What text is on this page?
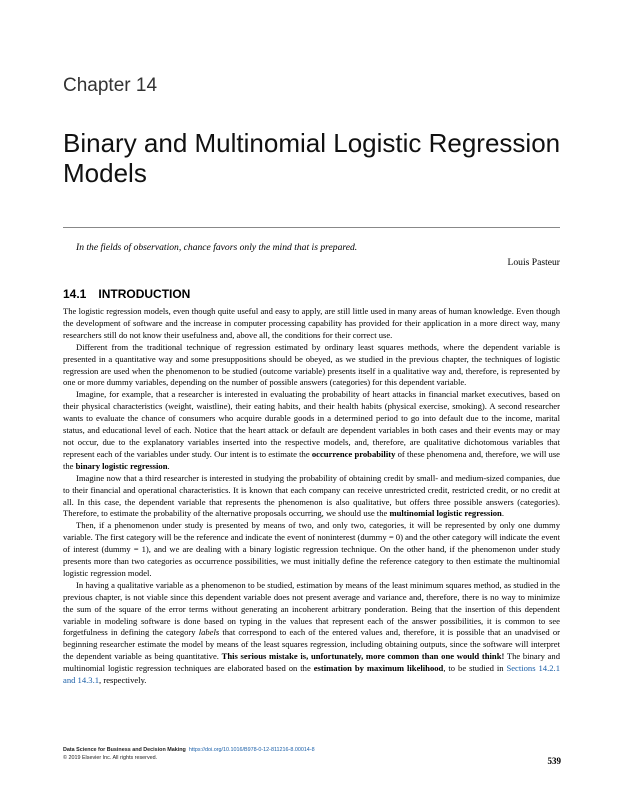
Chapter 14
Binary and Multinomial Logistic Regression Models
In the fields of observation, chance favors only the mind that is prepared.
Louis Pasteur
14.1 INTRODUCTION

The logistic regression models, even though quite useful and easy to apply, are still little used in many areas of human knowledge. Even though the development of software and the increase in computer processing capability has provided for their application in a more direct way, many researchers still do not know their usefulness and, above all, the conditions for their correct use.

Different from the traditional technique of regression estimated by ordinary least squares methods, where the dependent variable is presented in a quantitative way and some presuppositions should be obeyed, as we studied in the previous chapter, the techniques of logistic regression are used when the phenomenon to be studied (outcome variable) presents itself in a qualitative way and, therefore, is represented by one or more dummy variables, depending on the number of possible answers (categories) for this dependent variable.

Imagine, for example, that a researcher is interested in evaluating the probability of heart attacks in financial market executives, based on their physical characteristics (weight, waistline), their eating habits, and their health habits (physical exercise, smoking). A second researcher wants to evaluate the chance of consumers who acquire durable goods in a determined period to go into default due to the income, marital status, and educational level of each. Notice that the heart attack or default are dependent variables in both cases and their events may or may not occur, due to the explanatory variables inserted into the respective models, and, therefore, are qualitative dichotomous variables that represent each of the variables under study. Our intent is to estimate the occurrence probability of these phenomena and, therefore, we will use the binary logistic regression.

Imagine now that a third researcher is interested in studying the probability of obtaining credit by small- and medium-sized companies, due to their financial and operational characteristics. It is known that each company can receive unrestricted credit, restricted credit, or no credit at all. In this case, the dependent variable that represents the phenomenon is also qualitative, but offers three possible answers (categories). Therefore, to estimate the probability of the alternative proposals occurring, we should use the multinomial logistic regression.

Then, if a phenomenon under study is presented by means of two, and only two, categories, it will be represented by only one dummy variable. The first category will be the reference and indicate the event of noninterest (dummy = 0) and the other category will indicate the event of interest (dummy = 1), and we are dealing with a binary logistic regression technique. On the other hand, if the phenomenon under study presents more than two categories as occurrence possibilities, we must initially define the reference category to then estimate the multinomial logistic regression model.

In having a qualitative variable as a phenomenon to be studied, estimation by means of the least minimum squares method, as studied in the previous chapter, is not viable since this dependent variable does not present average and variance and, therefore, there is no way to minimize the sum of the square of the error terms without generating an incoherent arbitrary ponderation. Being that the insertion of this dependent variable in modeling software is done based on typing in the values that represent each of the answer possibilities, it is common to see forgetfulness in defining the category labels that correspond to each of the entered values and, therefore, it is possible that an unadvised or beginning researcher estimate the model by means of the least squares regression, including obtaining outputs, since the software will interpret the dependent variable as being quantitative. This serious mistake is, unfortunately, more common than one would think! The binary and multinomial logistic regression techniques are elaborated based on the estimation by maximum likelihood, to be studied in Sections 14.2.1 and 14.3.1, respectively.

Data Science for Business and Decision Making https://doi.org/10.1016/B978-0-12-811216-8.00014-8
© 2019 Elsevier Inc. All rights reserved.	539
